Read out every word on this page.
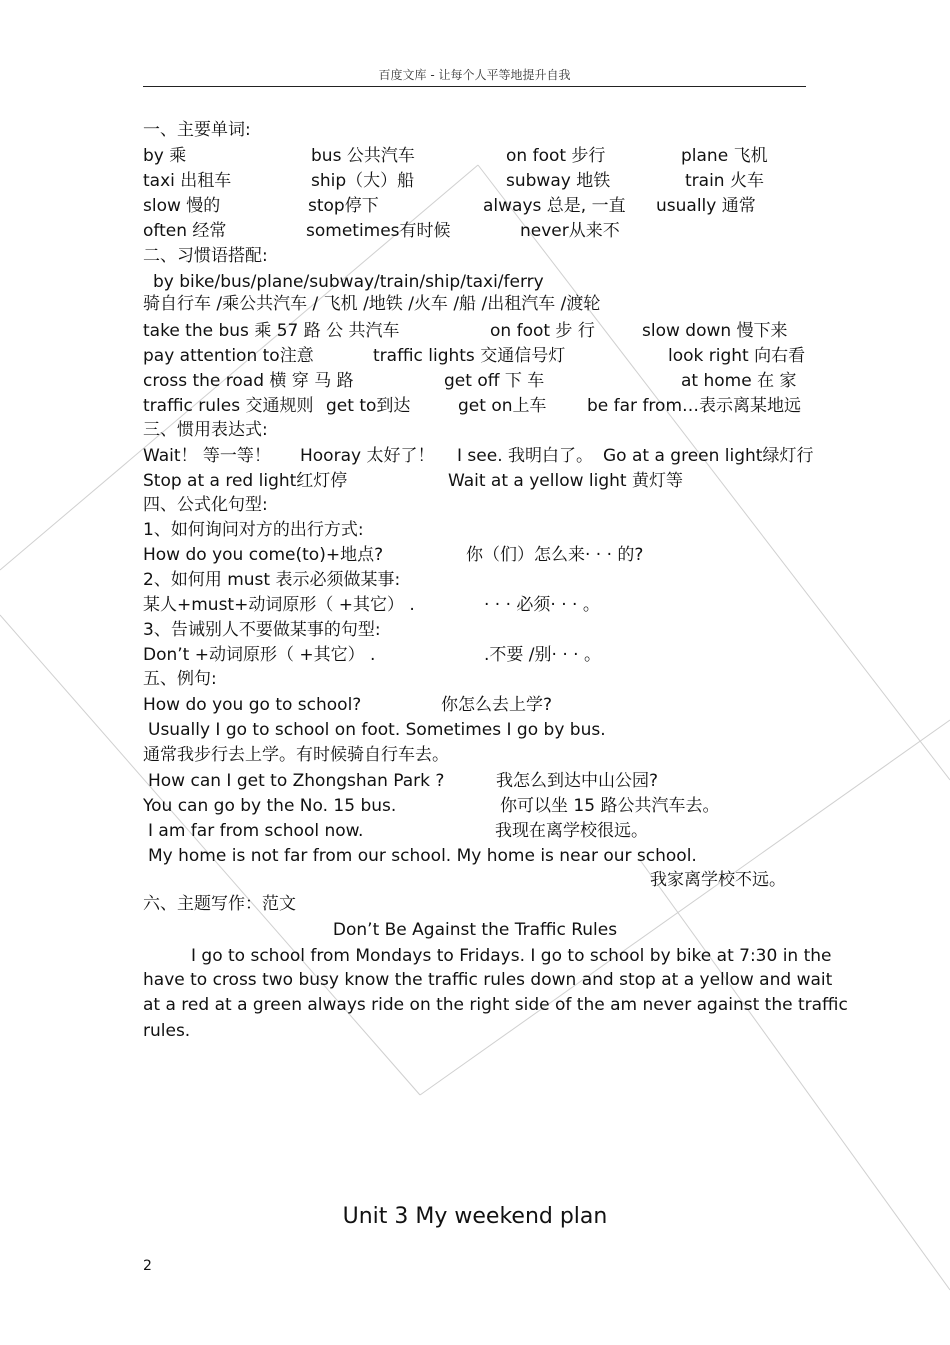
百度文库 - 让每个人平等地提升自我
一、主要单词:
by 乘	bus 公共汽车	on foot 步行	plane 飞机
taxi 出租车	ship（大）船	subway 地铁	train 火车
slow 慢的	stop停下	always 总是, 一直 usually 通常
often 经常	sometimes有时候	never从来不
二、习惯语搭配:
by bike/bus/plane/subway/train/ship/taxi/ferry
骑自行车 /乘公共汽车 / 飞机 /地铁 /火车 /船 /出租汽车 /渡轮
take the bus 乘 57 路 公 共汽车	on foot 步 行	slow down 慢下来
pay attention to注意	traffic lights 交通信号灯	look right 向右看
cross the road 横 穿 马 路	get off 下 车	at home 在 家
traffic rules 交通规则 get to到达	get on上车 be far from…表示离某地远
三、惯用表达式:
Wait！ 等一等！ Hooray 太好了！ I see. 我明白了。 Go at a green light绿灯行
Stop at a red light红灯停	Wait at a yellow light 黄灯等
四、公式化句型:
1、如何询问对方的出行方式:
How do you come(to)+地点?	你（们）怎么来· · · 的?
2、如何用 must 表示必须做某事:
某人+must+动词原形（ +其它） .	· · · 必须· · · 。
3、告诫别人不要做某事的句型:
Don’t +动词原形（ +其它） .	.不要 /别· · · 。
五、例句:
How do you go to school?	你怎么去上学?
Usually I go to school on foot. Sometimes I go by bus.
通常我步行去上学。有时候骑自行车去。
How can I get to Zhongshan Park ?	我怎么到达中山公园?
You can go by the No. 15 bus.	你可以坐 15 路公共汽车去。
I am far from school now.	我现在离学校很远。
My home is not far from our school. My home is near our school.
我家离学校不远。
六、主题写作：范文
Don’t Be Against the Traffic Rules
I go to school from Mondays to Fridays. I go to school by bike at 7:30 in the
have to cross two busy know the traffic rules down and stop at a yellow and wait
at a red at a green always ride on the right side of the am never against the traffic
rules.
Unit 3 My weekend plan
2
